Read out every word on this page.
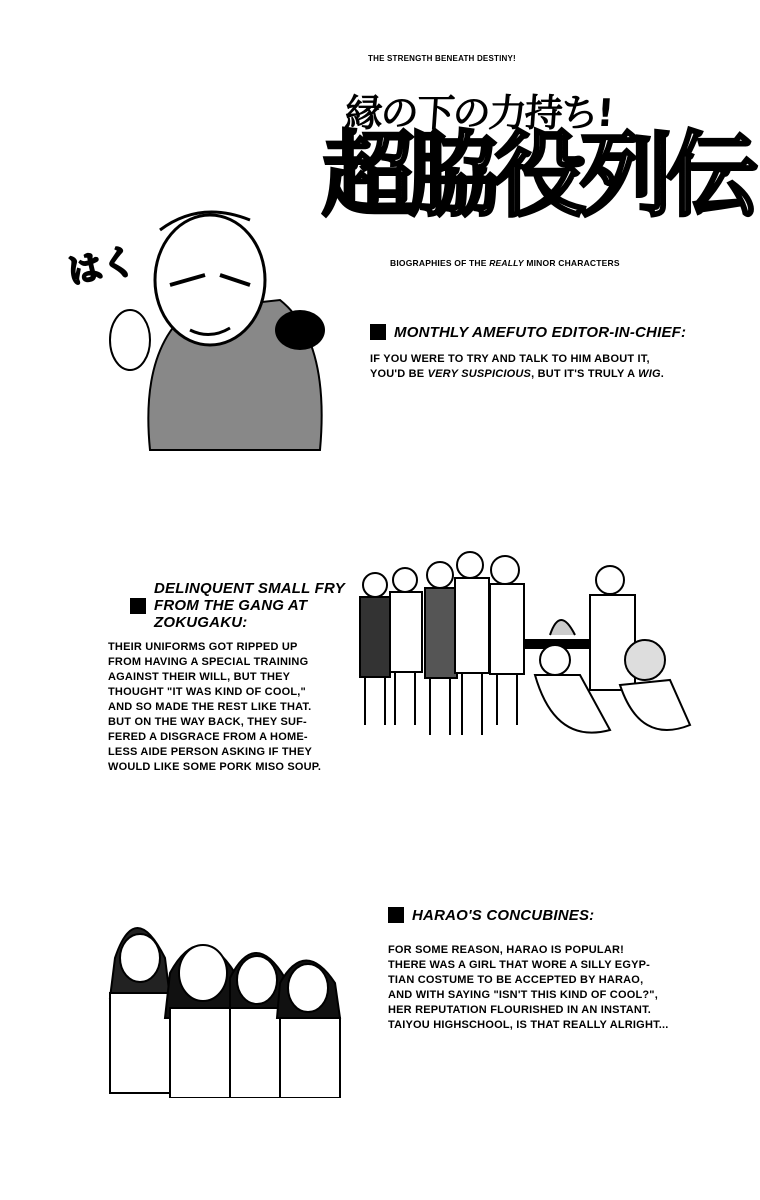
THE STRENGTH BENEATH DESTINY!
縁の下の力持ち!
超脇役列伝
BIOGRAPHIES OF THE REALLY MINOR CHARACTERS
はく
MONTHLY AMEFUTO EDITOR-IN-CHIEF:
IF YOU WERE TO TRY AND TALK TO HIM ABOUT IT,
YOU'D BE VERY SUSPICIOUS, BUT IT'S TRULY A WIG.
DELINQUENT SMALL FRY
FROM THE GANG AT
ZOKUGAKU:
THEIR UNIFORMS GOT RIPPED UP
FROM HAVING A SPECIAL TRAINING
AGAINST THEIR WILL, BUT THEY
THOUGHT "IT WAS KIND OF COOL,"
AND SO MADE THE REST LIKE THAT.
BUT ON THE WAY BACK, THEY SUF-
FERED A DISGRACE FROM A HOME-
LESS AIDE PERSON ASKING IF THEY
WOULD LIKE SOME PORK MISO SOUP.
HARAO'S CONCUBINES:
FOR SOME REASON, HARAO IS POPULAR!
THERE WAS A GIRL THAT WORE A SILLY EGYP-
TIAN COSTUME TO BE ACCEPTED BY HARAO,
AND WITH SAYING "ISN'T THIS KIND OF COOL?",
HER REPUTATION FLOURISHED IN AN INSTANT.
TAIYOU HIGHSCHOOL, IS THAT REALLY ALRIGHT...
